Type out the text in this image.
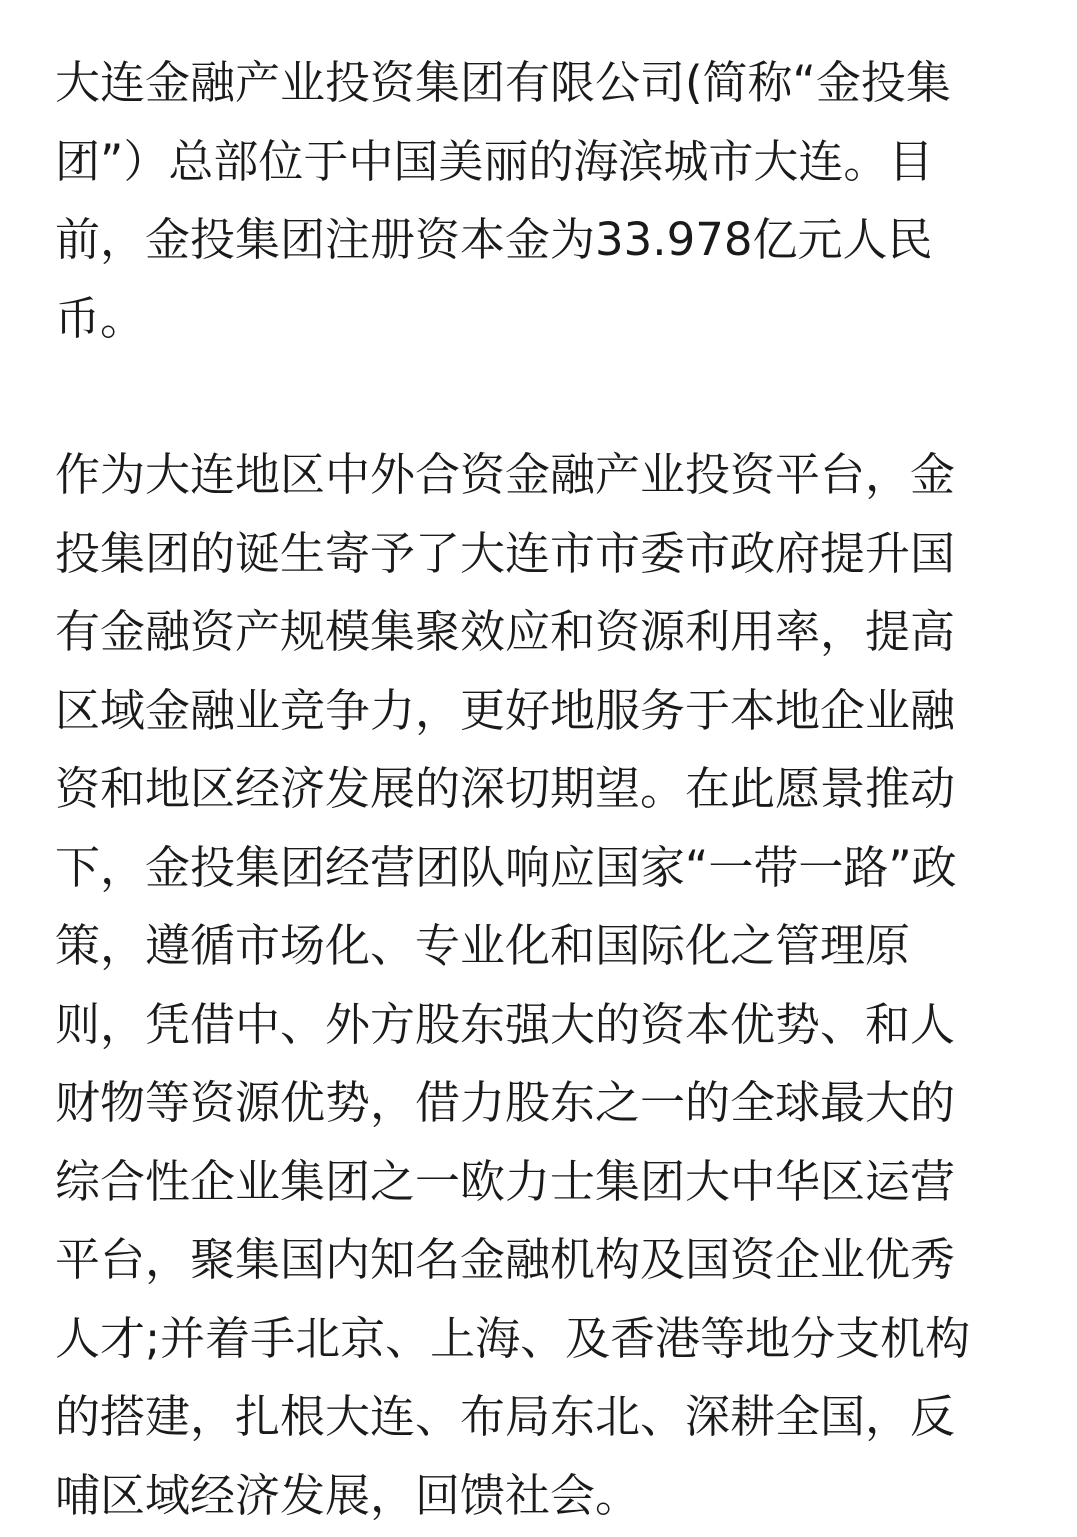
大连金融产业投资集团有限公司(简称“金投集
团”）总部位于中国美丽的海滨城市大连。目
前，金投集团注册资本金为33.978亿元人民
币。

作为大连地区中外合资金融产业投资平台，金
投集团的诞生寄予了大连市市委市政府提升国
有金融资产规模集聚效应和资源利用率，提高
区域金融业竞争力，更好地服务于本地企业融
资和地区经济发展的深切期望。在此愿景推动
下，金投集团经营团队响应国家“一带一路”政
策，遵循市场化、专业化和国际化之管理原
则，凭借中、外方股东强大的资本优势、和人
财物等资源优势，借力股东之一的全球最大的
综合性企业集团之一欧力士集团大中华区运营
平台，聚集国内知名金融机构及国资企业优秀
人才;并着手北京、上海、及香港等地分支机构
的搭建，扎根大连、布局东北、深耕全国，反
哺区域经济发展，回馈社会。
